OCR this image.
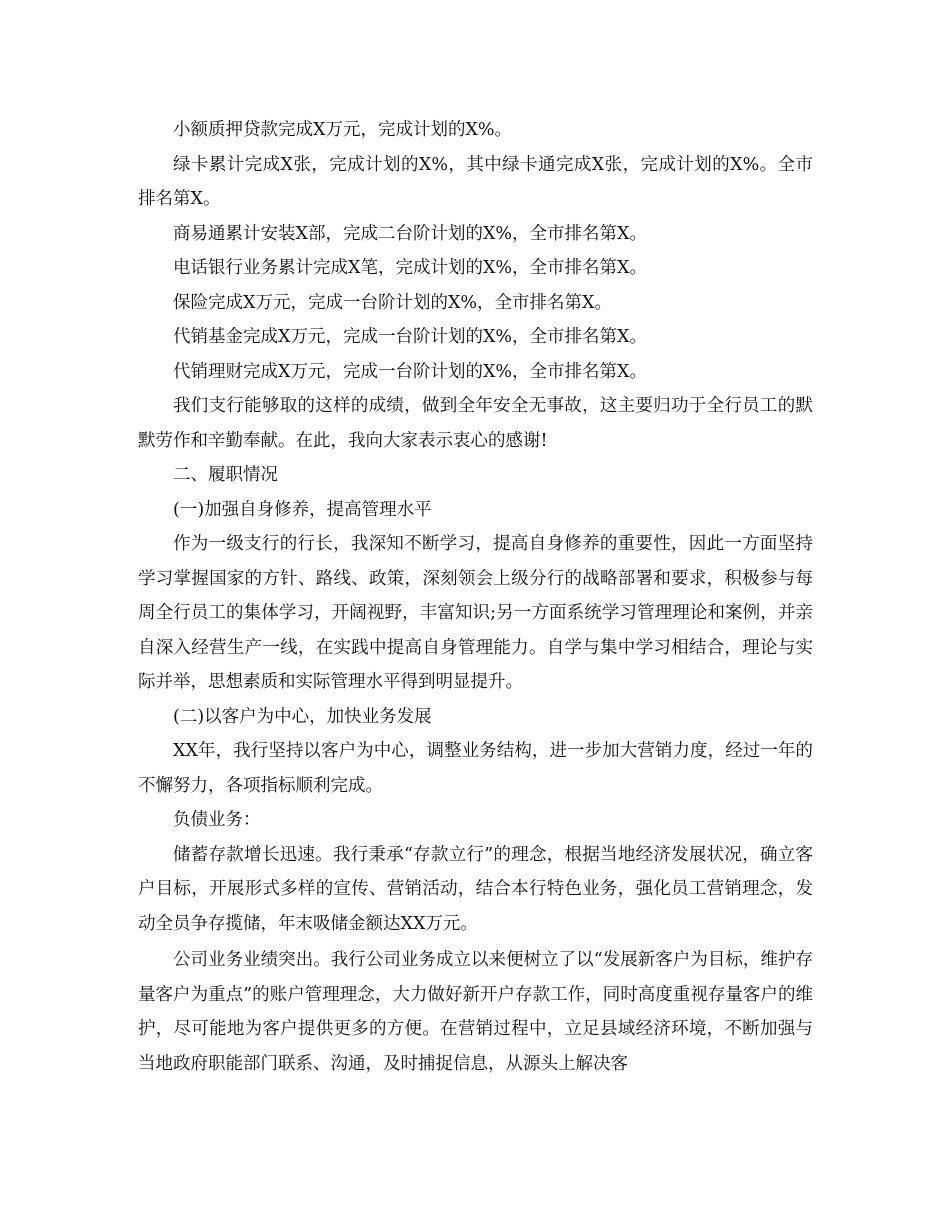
小额质押贷款完成X万元，完成计划的X%。

绿卡累计完成X张，完成计划的X%，其中绿卡通完成X张，完成计划的X%。全市排名第X。

商易通累计安装X部，完成二台阶计划的X%，全市排名第X。

电话银行业务累计完成X笔，完成计划的X%，全市排名第X。

保险完成X万元，完成一台阶计划的X%，全市排名第X。

代销基金完成X万元，完成一台阶计划的X%，全市排名第X。

代销理财完成X万元，完成一台阶计划的X%，全市排名第X。

我们支行能够取的这样的成绩，做到全年安全无事故，这主要归功于全行员工的默默劳作和辛勤奉献。在此，我向大家表示衷心的感谢!

二、履职情况

(一)加强自身修养，提高管理水平

作为一级支行的行长，我深知不断学习，提高自身修养的重要性，因此一方面坚持学习掌握国家的方针、路线、政策，深刻领会上级分行的战略部署和要求，积极参与每周全行员工的集体学习，开阔视野，丰富知识;另一方面系统学习管理理论和案例，并亲自深入经营生产一线，在实践中提高自身管理能力。自学与集中学习相结合，理论与实际并举，思想素质和实际管理水平得到明显提升。

(二)以客户为中心，加快业务发展

XX年，我行坚持以客户为中心，调整业务结构，进一步加大营销力度，经过一年的不懈努力，各项指标顺利完成。

负债业务：

储蓄存款增长迅速。我行秉承“存款立行”的理念，根据当地经济发展状况，确立客户目标，开展形式多样的宣传、营销活动，结合本行特色业务，强化员工营销理念，发动全员争存揽储，年末吸储金额达XX万元。

公司业务业绩突出。我行公司业务成立以来便树立了以“发展新客户为目标，维护存量客户为重点”的账户管理理念，大力做好新开户存款工作，同时高度重视存量客户的维护，尽可能地为客户提供更多的方便。在营销过程中，立足县域经济环境，不断加强与当地政府职能部门联系、沟通，及时捕捉信息，从源头上解决客
